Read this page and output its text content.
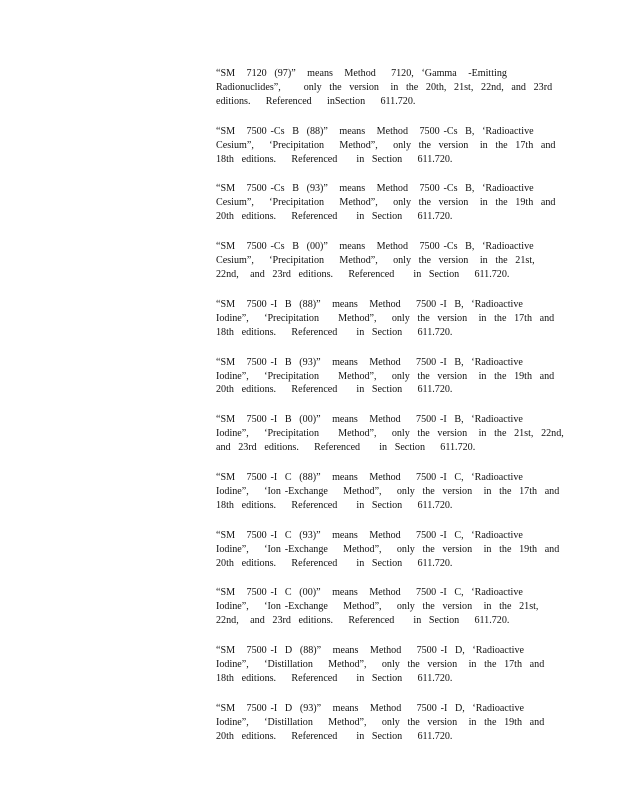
“SM   7120  (97)”   means   Method    7120,  ‘Gamma   -Emitting
Radionuclides”,      only  the  version   in  the  20th,  21st,  22nd,  and  23rd
editions.    Referenced    inSection    611.720.

“SM   7500 -Cs  B  (88)”   means   Method   7500 -Cs  B,  ‘Radioactive
Cesium”,    ‘Precipitation    Method”,    only  the  version   in  the  17th  and
18th  editions.    Referenced     in  Section    611.720.

“SM   7500 -Cs  B  (93)”   means   Method   7500 -Cs  B,  ‘Radioactive
Cesium”,    ‘Precipitation    Method”,    only  the  version   in  the  19th  and
20th  editions.    Referenced     in  Section    611.720.

“SM   7500 -Cs  B  (00)”   means   Method   7500 -Cs  B,  ‘Radioactive
Cesium”,    ‘Precipitation    Method”,    only  the  version   in  the  21st,
22nd,   and  23rd  editions.    Referenced     in  Section    611.720.

“SM   7500 -I  B  (88)”   means   Method    7500 -I  B,  ‘Radioactive
Iodine”,    ‘Precipitation     Method”,    only  the  version   in  the  17th  and
18th  editions.    Referenced     in  Section    611.720.

“SM   7500 -I  B  (93)”   means   Method    7500 -I  B,  ‘Radioactive
Iodine”,    ‘Precipitation     Method”,    only  the  version   in  the  19th  and
20th  editions.    Referenced     in  Section    611.720.

“SM   7500 -I  B  (00)”   means   Method    7500 -I  B,  ‘Radioactive
Iodine”,    ‘Precipitation     Method”,    only  the  version   in  the  21st,  22nd,
and  23rd  editions.    Referenced     in  Section    611.720.

“SM   7500 -I  C  (88)”   means   Method    7500 -I  C,  ‘Radioactive
Iodine”,    ‘Ion -Exchange    Method”,    only  the  version   in  the  17th  and
18th  editions.    Referenced     in  Section    611.720.

“SM   7500 -I  C  (93)”   means   Method    7500 -I  C,  ‘Radioactive
Iodine”,    ‘Ion -Exchange    Method”,    only  the  version   in  the  19th  and
20th  editions.    Referenced     in  Section    611.720.

“SM   7500 -I  C  (00)”   means   Method    7500 -I  C,  ‘Radioactive
Iodine”,    ‘Ion -Exchange    Method”,    only  the  version   in  the  21st,
22nd,   and  23rd  editions.    Referenced     in  Section    611.720.

“SM   7500 -I  D  (88)”   means   Method    7500 -I  D,  ‘Radioactive
Iodine”,    ‘Distillation    Method”,    only  the  version   in  the  17th  and
18th  editions.    Referenced     in  Section    611.720.

“SM   7500 -I  D  (93)”   means   Method    7500 -I  D,  ‘Radioactive
Iodine”,    ‘Distillation    Method”,    only  the  version   in  the  19th  and
20th  editions.    Referenced     in  Section    611.720.
